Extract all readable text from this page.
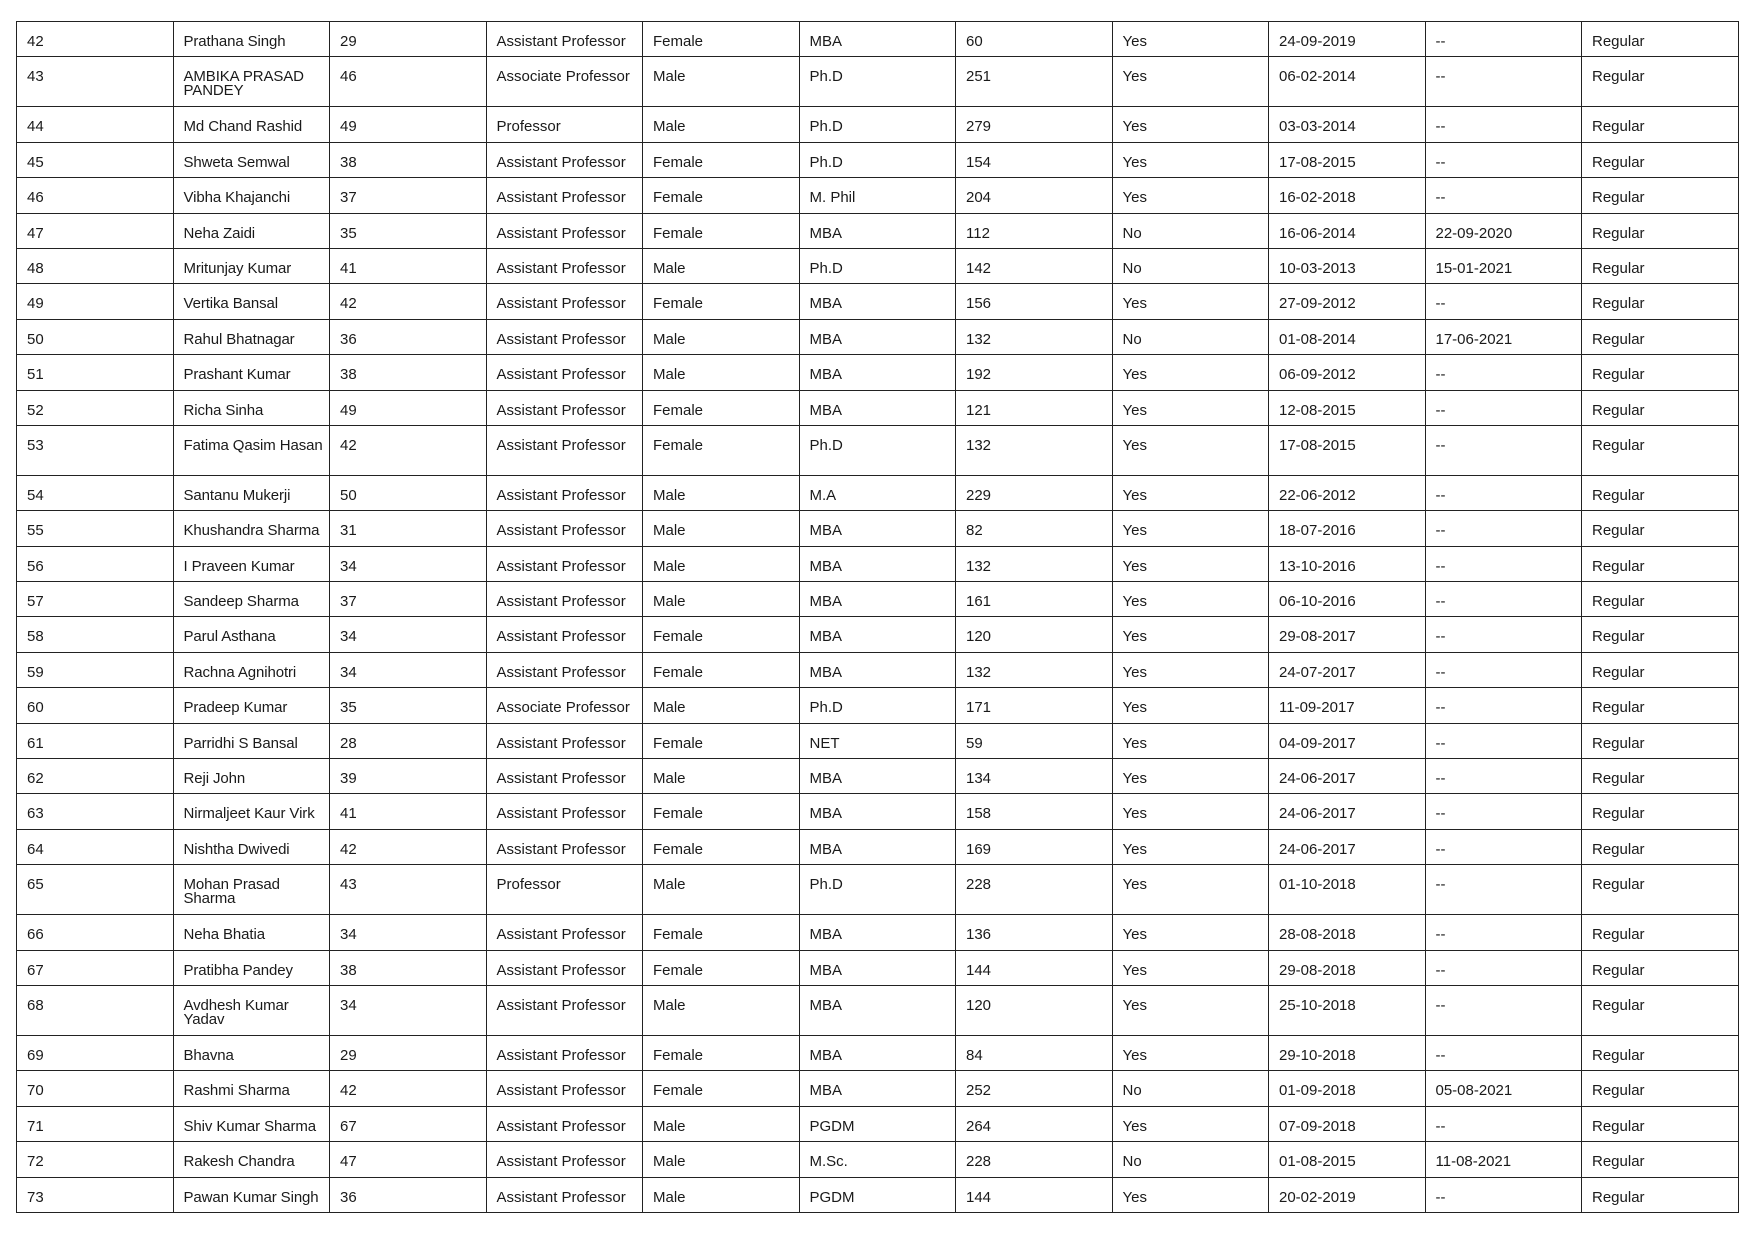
42	Prathana Singh	29	Assistant Professor	Female	MBA	60	Yes	24-09-2019	--	Regular
43	AMBIKA PRASAD PANDEY	46	Associate Professor	Male	Ph.D	251	Yes	06-02-2014	--	Regular
44	Md Chand Rashid	49	Professor	Male	Ph.D	279	Yes	03-03-2014	--	Regular
45	Shweta Semwal	38	Assistant Professor	Female	Ph.D	154	Yes	17-08-2015	--	Regular
46	Vibha Khajanchi	37	Assistant Professor	Female	M. Phil	204	Yes	16-02-2018	--	Regular
47	Neha Zaidi	35	Assistant Professor	Female	MBA	112	No	16-06-2014	22-09-2020	Regular
48	Mritunjay Kumar	41	Assistant Professor	Male	Ph.D	142	No	10-03-2013	15-01-2021	Regular
49	Vertika Bansal	42	Assistant Professor	Female	MBA	156	Yes	27-09-2012	--	Regular
50	Rahul Bhatnagar	36	Assistant Professor	Male	MBA	132	No	01-08-2014	17-06-2021	Regular
51	Prashant Kumar	38	Assistant Professor	Male	MBA	192	Yes	06-09-2012	--	Regular
52	Richa Sinha	49	Assistant Professor	Female	MBA	121	Yes	12-08-2015	--	Regular
53	Fatima Qasim Hasan	42	Assistant Professor	Female	Ph.D	132	Yes	17-08-2015	--	Regular
54	Santanu Mukerji	50	Assistant Professor	Male	M.A	229	Yes	22-06-2012	--	Regular
55	Khushandra Sharma	31	Assistant Professor	Male	MBA	82	Yes	18-07-2016	--	Regular
56	I Praveen Kumar	34	Assistant Professor	Male	MBA	132	Yes	13-10-2016	--	Regular
57	Sandeep Sharma	37	Assistant Professor	Male	MBA	161	Yes	06-10-2016	--	Regular
58	Parul Asthana	34	Assistant Professor	Female	MBA	120	Yes	29-08-2017	--	Regular
59	Rachna Agnihotri	34	Assistant Professor	Female	MBA	132	Yes	24-07-2017	--	Regular
60	Pradeep Kumar	35	Associate Professor	Male	Ph.D	171	Yes	11-09-2017	--	Regular
61	Parridhi S Bansal	28	Assistant Professor	Female	NET	59	Yes	04-09-2017	--	Regular
62	Reji John	39	Assistant Professor	Male	MBA	134	Yes	24-06-2017	--	Regular
63	Nirmaljeet Kaur Virk	41	Assistant Professor	Female	MBA	158	Yes	24-06-2017	--	Regular
64	Nishtha Dwivedi	42	Assistant Professor	Female	MBA	169	Yes	24-06-2017	--	Regular
65	Mohan Prasad Sharma	43	Professor	Male	Ph.D	228	Yes	01-10-2018	--	Regular
66	Neha Bhatia	34	Assistant Professor	Female	MBA	136	Yes	28-08-2018	--	Regular
67	Pratibha Pandey	38	Assistant Professor	Female	MBA	144	Yes	29-08-2018	--	Regular
68	Avdhesh Kumar Yadav	34	Assistant Professor	Male	MBA	120	Yes	25-10-2018	--	Regular
69	Bhavna	29	Assistant Professor	Female	MBA	84	Yes	29-10-2018	--	Regular
70	Rashmi Sharma	42	Assistant Professor	Female	MBA	252	No	01-09-2018	05-08-2021	Regular
71	Shiv Kumar Sharma	67	Assistant Professor	Male	PGDM	264	Yes	07-09-2018	--	Regular
72	Rakesh Chandra	47	Assistant Professor	Male	M.Sc.	228	No	01-08-2015	11-08-2021	Regular
73	Pawan Kumar Singh	36	Assistant Professor	Male	PGDM	144	Yes	20-02-2019	--	Regular
